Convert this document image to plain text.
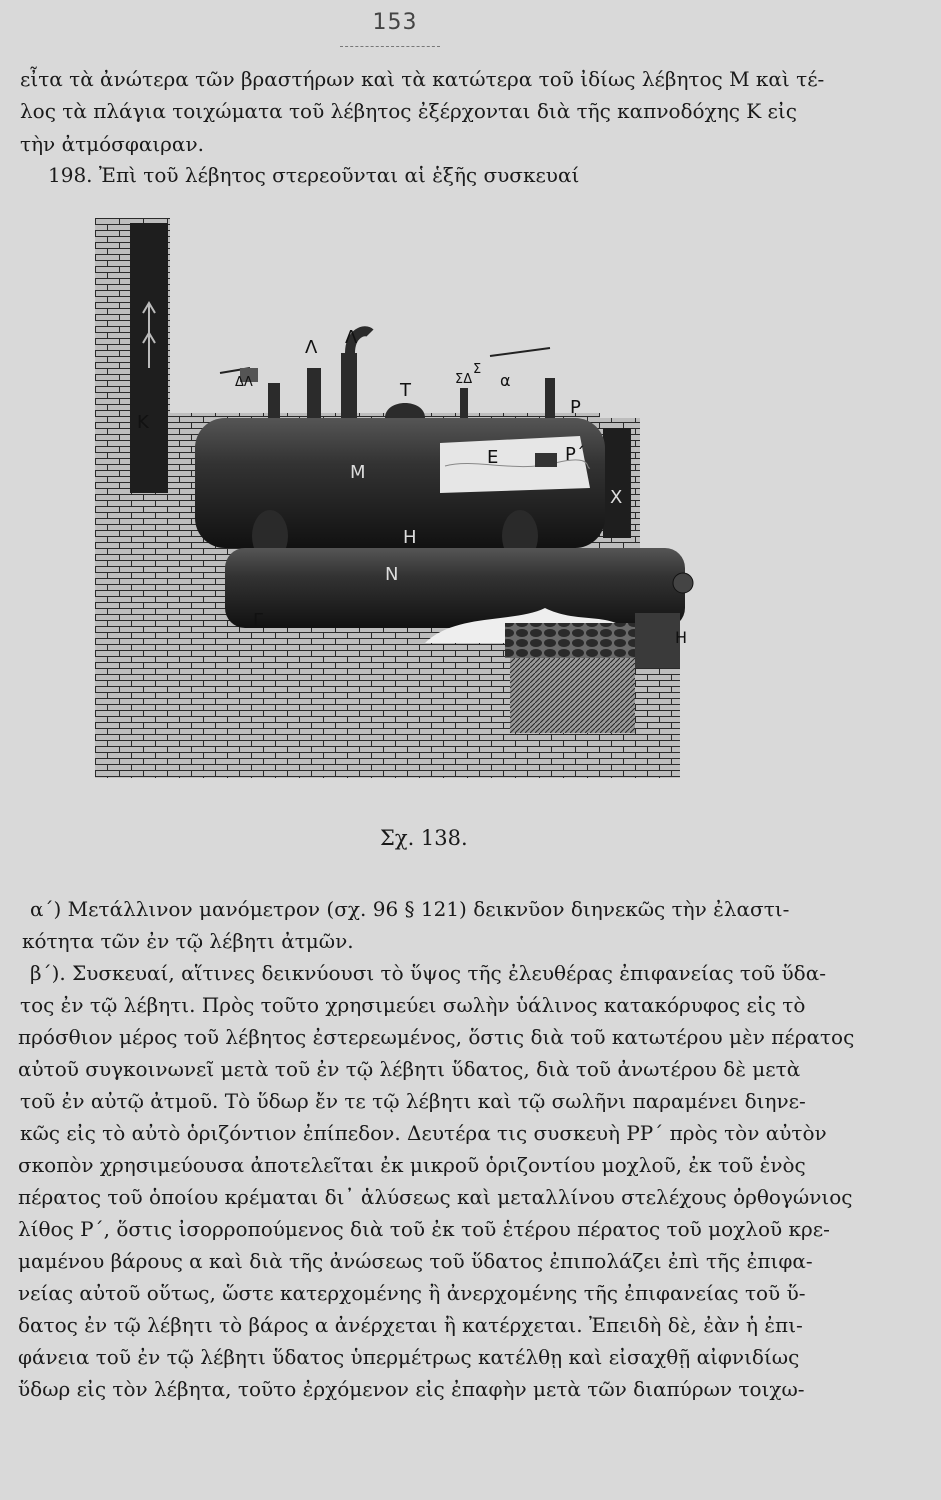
153
εἶτα τὰ ἀνώτερα τῶν βραστήρων καὶ τὰ κατώτερα τοῦ ἰδίως λέβητος Μ καὶ τέ-
λος τὰ πλάγια τοιχώματα τοῦ λέβητος ἐξέρχονται διὰ τῆς καπνοδόχης Κ εἰς
τὴν ἀτμόσφαιραν.
198. Ἐπὶ τοῦ λέβητος στερεοῦνται αἱ ἑξῆς συσκευαί
Κ
Λ Λ
ΔΛ	Τ
Σ
ΣΔ α
Ρ
Μ
Ε	Ρ΄
Χ
Η
Ν
Γ
Η
Σχ. 138.
α΄) Μετάλλινον μανόμετρον (σχ. 96 § 121) δεικνῦον διηνεκῶς τὴν ἐλαστι-
κότητα τῶν ἐν τῷ λέβητι ἀτμῶν.
β΄). Συσκευαί, αἵτινες δεικνύουσι τὸ ὕψος τῆς ἐλευθέρας ἐπιφανείας τοῦ ὕδα-
τος ἐν τῷ λέβητι. Πρὸς τοῦτο χρησιμεύει σωλὴν ὑάλινος κατακόρυφος εἰς τὸ
πρόσθιον μέρος τοῦ λέβητος ἐστερεωμένος, ὅστις διὰ τοῦ κατωτέρου μὲν πέρατος
αὐτοῦ συγκοινωνεῖ μετὰ τοῦ ἐν τῷ λέβητι ὕδατος, διὰ τοῦ ἀνωτέρου δὲ μετὰ
τοῦ ἐν αὐτῷ ἀτμοῦ. Τὸ ὕδωρ ἔν τε τῷ λέβητι καὶ τῷ σωλῆνι παραμένει διηνε-
κῶς εἰς τὸ αὐτὸ ὁριζόντιον ἐπίπεδον. Δευτέρα τις συσκευὴ ΡΡ΄ πρὸς τὸν αὐτὸν
σκοπὸν χρησιμεύουσα ἀποτελεῖται ἐκ μικροῦ ὁριζοντίου μοχλοῦ, ἐκ τοῦ ἑνὸς
πέρατος τοῦ ὁποίου κρέμαται δι᾽ ἁλύσεως καὶ μεταλλίνου στελέχους ὀρθογώνιος
λίθος Ρ΄, ὅστις ἰσορροπούμενος διὰ τοῦ ἐκ τοῦ ἑτέρου πέρατος τοῦ μοχλοῦ κρε-
μαμένου βάρους α καὶ διὰ τῆς ἀνώσεως τοῦ ὕδατος ἐπιπολάζει ἐπὶ τῆς ἐπιφα-
νείας αὐτοῦ οὕτως, ὥστε κατερχομένης ἢ ἀνερχομένης τῆς ἐπιφανείας τοῦ ὕ-
δατος ἐν τῷ λέβητι τὸ βάρος α ἀνέρχεται ἢ κατέρχεται. Ἐπειδὴ δὲ, ἐὰν ἡ ἐπι-
φάνεια τοῦ ἐν τῷ λέβητι ὕδατος ὑπερμέτρως κατέλθῃ καὶ εἰσαχθῇ αἰφνιδίως
ὕδωρ εἰς τὸν λέβητα, τοῦτο ἐρχόμενον εἰς ἐπαφὴν μετὰ τῶν διαπύρων τοιχω-
